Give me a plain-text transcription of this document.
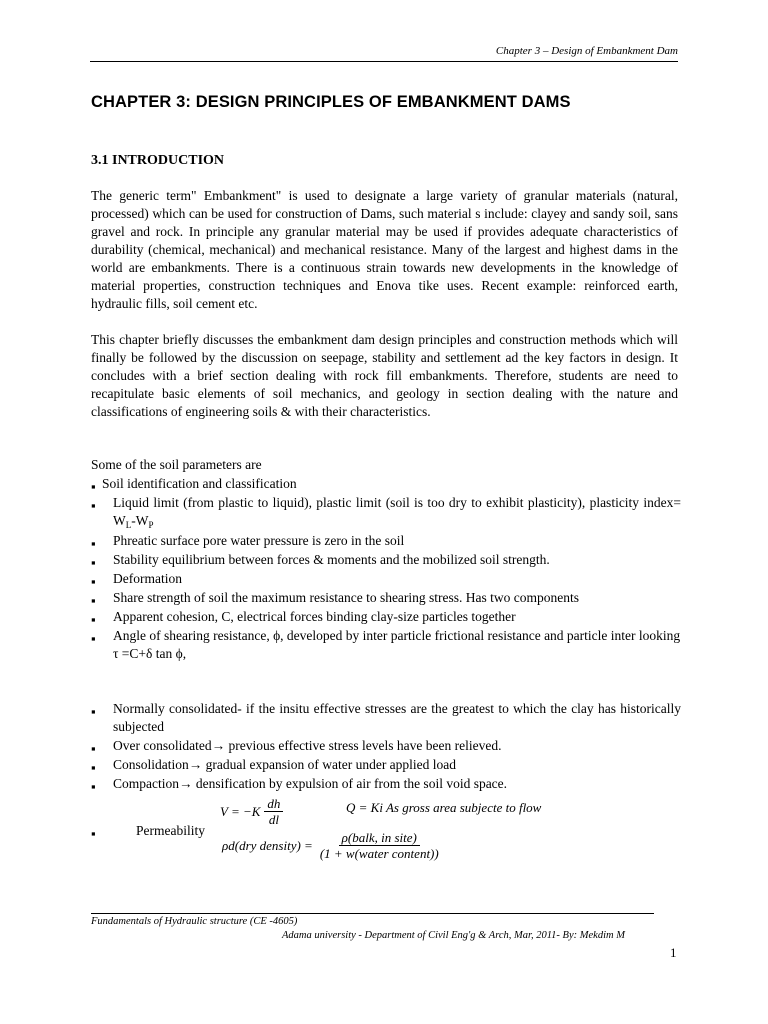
Chapter 3 – Design of Embankment Dam
CHAPTER 3: DESIGN PRINCIPLES OF EMBANKMENT DAMS
3.1 INTRODUCTION

The generic term" Embankment" is used to designate a large variety of granular materials (natural, processed) which can be used for construction of Dams, such material s include: clayey and sandy soil, sans gravel and rock. In principle any granular material may be used if provides adequate characteristics of durability (chemical, mechanical) and mechanical resistance. Many of the largest and highest dams in the world are embankments. There is a continuous strain towards new developments in the knowledge of material properties, construction techniques and Enova tike uses. Recent example: reinforced earth, hydraulic fills, soil cement etc.

This chapter briefly discusses the embankment dam design principles and construction methods which will finally be followed by the discussion on seepage, stability and settlement ad the key factors in design. It concludes with a brief section dealing with rock fill embankments. Therefore, students are need to recapitulate basic elements of soil mechanics, and geology in section dealing with the nature and classifications of engineering soils & with their characteristics.

Some of the soil parameters are

▪ Soil identification and classification
▪ Liquid limit (from plastic to liquid), plastic limit (soil is too dry to exhibit plasticity), plasticity index= $W_L-W_P$
▪ Phreatic surface pore water pressure is zero in the soil
▪ Stability equilibrium between forces & moments and the mobilized soil strength.
▪ Deformation
▪ Share strength of soil the maximum resistance to shearing stress. Has two components
▪ Apparent cohesion, C, electrical forces binding clay-size particles together
▪ Angle of shearing resistance, ϕ, developed by inter particle frictional resistance and particle inter looking
τ =C+δ tan ϕ,
▪ Normally consolidated- if the insitu effective stresses are the greatest to which the clay has historically subjected
▪ Over consolidated→ previous effective stress levels have been relieved.
▪ Consolidation→ gradual expansion of water under applied load
▪ Compaction→ densification by expulsion of air from the soil void space.
$V = -K \frac{dh}{dl}$	Q = Ki As gross area subjecte to flow
▪	Permeability
ρd(dry density) = $\frac{\text{ρ(balk, in site)}}{\text{(1 + w(water content))}}$
Fundamentals of Hydraulic structure (CE -4605)
Adama university - Department of Civil Eng'g & Arch, Mar, 2011- By: Mekdim M
1
